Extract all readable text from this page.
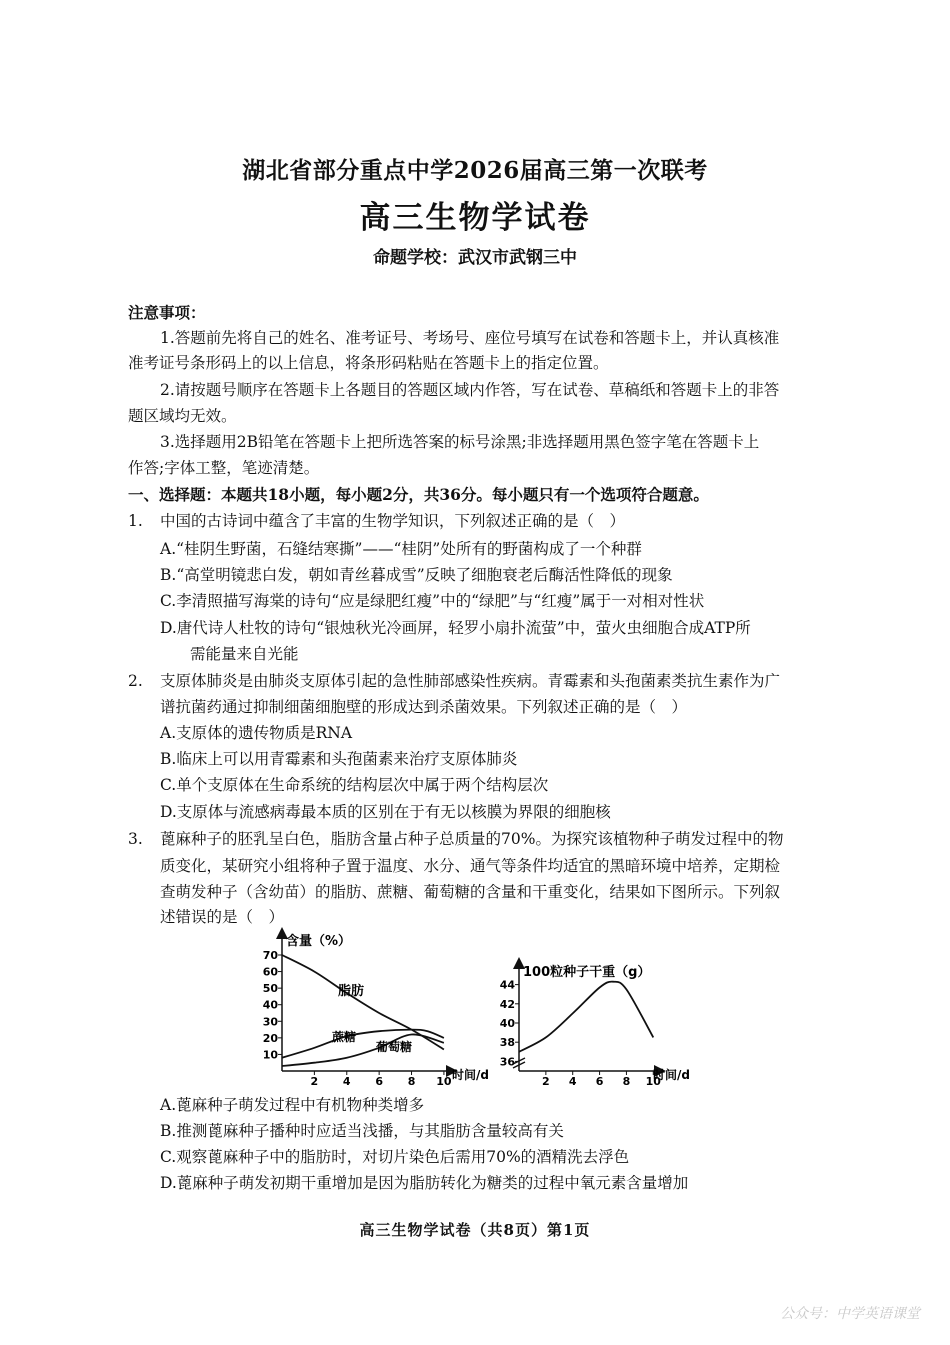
湖北省部分重点中学2026届高三第一次联考
高三生物学试卷
命题学校：武汉市武钢三中
注意事项：
1.答题前先将自己的姓名、准考证号、考场号、座位号填写在试卷和答题卡上，并认真核准
准考证号条形码上的以上信息，将条形码粘贴在答题卡上的指定位置。
2.请按题号顺序在答题卡上各题目的答题区域内作答，写在试卷、草稿纸和答题卡上的非答
题区域均无效。
3.选择题用2B铅笔在答题卡上把所选答案的标号涂黑;非选择题用黑色签字笔在答题卡上
作答;字体工整，笔迹清楚。
一、选择题：本题共18小题，每小题2分，共36分。每小题只有一个选项符合题意。
1. 中国的古诗词中蕴含了丰富的生物学知识，下列叙述正确的是（　）
A.“桂阴生野菌，石缝结寒撕”——“桂阴”处所有的野菌构成了一个种群
B.“高堂明镜悲白发，朝如青丝暮成雪”反映了细胞衰老后酶活性降低的现象
C.李清照描写海棠的诗句“应是绿肥红瘦”中的“绿肥”与“红瘦”属于一对相对性状
D.唐代诗人杜牧的诗句“银烛秋光冷画屏，轻罗小扇扑流萤”中，萤火虫细胞合成ATP所
需能量来自光能
2. 支原体肺炎是由肺炎支原体引起的急性肺部感染性疾病。青霉素和头孢菌素类抗生素作为广
谱抗菌药通过抑制细菌细胞壁的形成达到杀菌效果。下列叙述正确的是（　）
A.支原体的遗传物质是RNA
B.临床上可以用青霉素和头孢菌素来治疗支原体肺炎
C.单个支原体在生命系统的结构层次中属于两个结构层次
D.支原体与流感病毒最本质的区别在于有无以核膜为界限的细胞核
3. 蓖麻种子的胚乳呈白色，脂肪含量占种子总质量的70%。为探究该植物种子萌发过程中的物
质变化，某研究小组将种子置于温度、水分、通气等条件均适宜的黑暗环境中培养，定期检
查萌发种子（含幼苗）的脂肪、蔗糖、葡萄糖的含量和干重变化，结果如下图所示。下列叙
述错误的是（　）
10
20
30
40
50
60
70
2 4 6 8 10
含量（%）
时间/d
脂肪
蔗糖
葡萄糖
36
38
40
42
44
2 4 6 8 10
100粒种子干重（g）
时间/d
A.蓖麻种子萌发过程中有机物种类增多
B.推测蓖麻种子播种时应适当浅播，与其脂肪含量较高有关
C.观察蓖麻种子中的脂肪时，对切片染色后需用70%的酒精洗去浮色
D.蓖麻种子萌发初期干重增加是因为脂肪转化为糖类的过程中氧元素含量增加
高三生物学试卷（共8页）第1页
公众号：中学英语课堂
